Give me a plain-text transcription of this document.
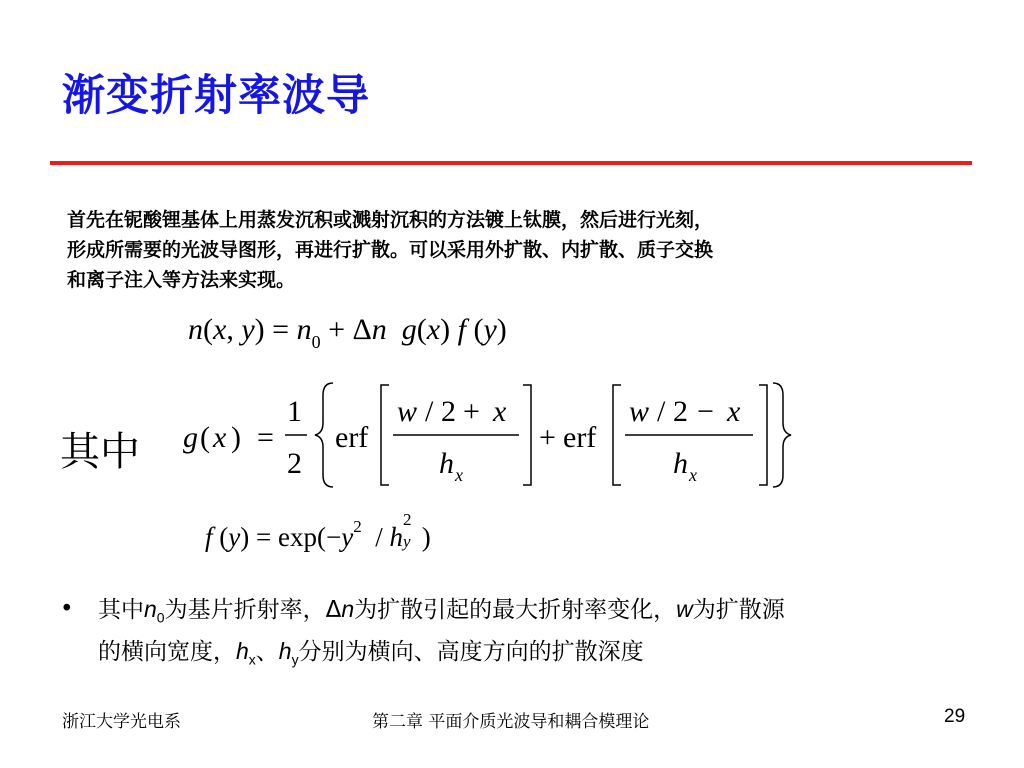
渐变折射率波导
首先在铌酸锂基体上用蒸发沉积或溅射沉积的方法镀上钛膜，然后进行光刻，
形成所需要的光波导图形，再进行扩散。可以采用外扩散、内扩散、质子交换
和离子注入等方法来实现。
n(x, $y) = n_0 + \Delta n$ g(x) f (y)
其中 g ( x ) =
1
2
erf
w / 2 + x
h x
+ erf
w / 2 − x
h x
f $(y) = \exp(-y^2 / h$
2
y )
• 其中$n_0$为基片折射率，Δn为扩散引起的最大折射率变化，w为扩散源
的横向宽度，$h_x$、$h_y$分别为横向、高度方向的扩散深度
浙江大学光电系	第二章 平面介质光波导和耦合模理论	29
